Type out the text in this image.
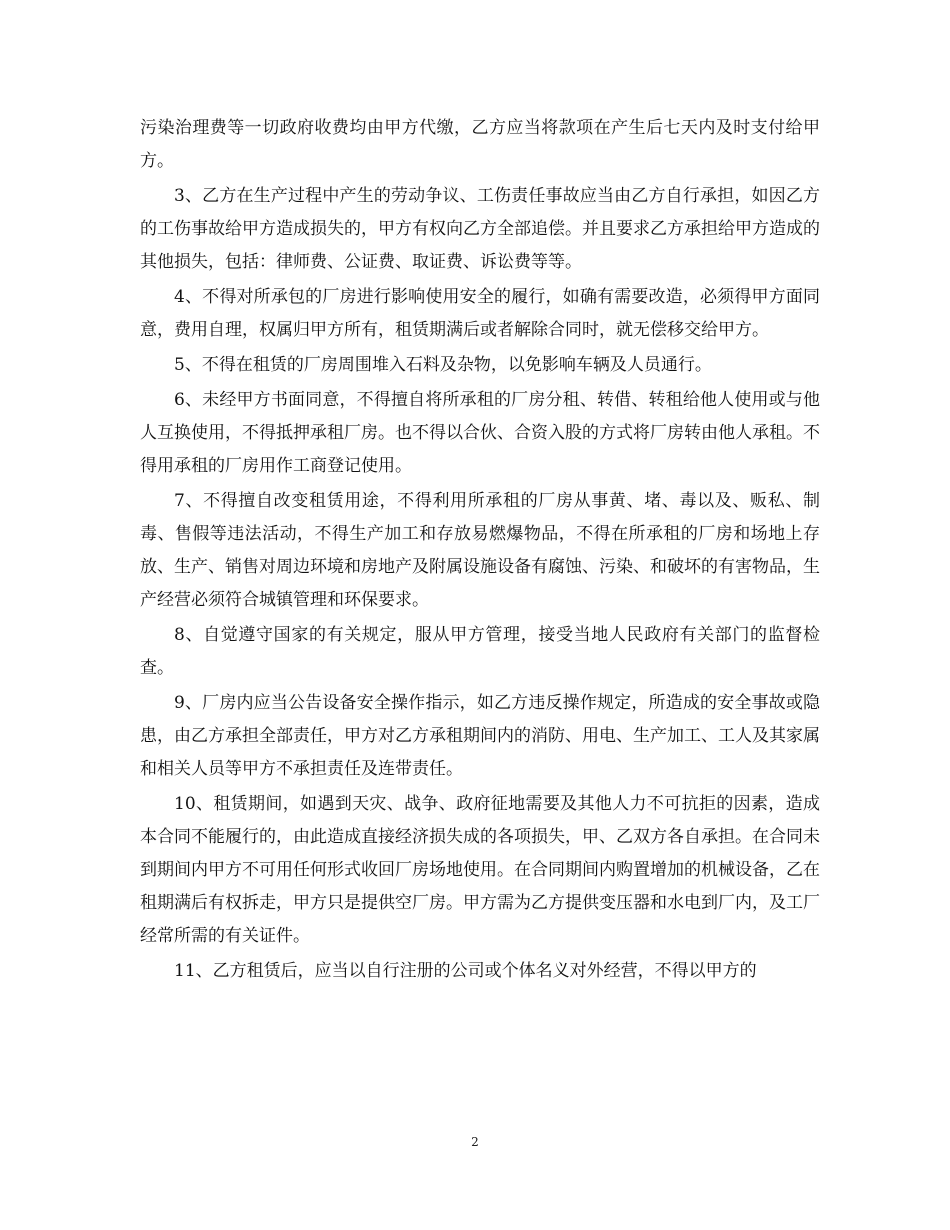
污染治理费等一切政府收费均由甲方代缴，乙方应当将款项在产生后七天内及时支付给甲方。

3、乙方在生产过程中产生的劳动争议、工伤责任事故应当由乙方自行承担，如因乙方的工伤事故给甲方造成损失的，甲方有权向乙方全部追偿。并且要求乙方承担给甲方造成的其他损失，包括：律师费、公证费、取证费、诉讼费等等。

4、不得对所承包的厂房进行影响使用安全的履行，如确有需要改造，必须得甲方面同意，费用自理，权属归甲方所有，租赁期满后或者解除合同时，就无偿移交给甲方。

5、不得在租赁的厂房周围堆入石料及杂物，以免影响车辆及人员通行。

6、未经甲方书面同意，不得擅自将所承租的厂房分租、转借、转租给他人使用或与他人互换使用，不得抵押承租厂房。也不得以合伙、合资入股的方式将厂房转由他人承租。不得用承租的厂房用作工商登记使用。

7、不得擅自改变租赁用途，不得利用所承租的厂房从事黄、堵、毒以及、贩私、制毒、售假等违法活动，不得生产加工和存放易燃爆物品，不得在所承租的厂房和场地上存放、生产、销售对周边环境和房地产及附属设施设备有腐蚀、污染、和破坏的有害物品，生产经营必须符合城镇管理和环保要求。

8、自觉遵守国家的有关规定，服从甲方管理，接受当地人民政府有关部门的监督检查。

9、厂房内应当公告设备安全操作指示，如乙方违反操作规定，所造成的安全事故或隐患，由乙方承担全部责任，甲方对乙方承租期间内的消防、用电、生产加工、工人及其家属和相关人员等甲方不承担责任及连带责任。

10、租赁期间，如遇到天灾、战争、政府征地需要及其他人力不可抗拒的因素，造成本合同不能履行的，由此造成直接经济损失成的各项损失，甲、乙双方各自承担。在合同未到期间内甲方不可用任何形式收回厂房场地使用。在合同期间内购置增加的机械设备，乙在租期满后有权拆走，甲方只是提供空厂房。甲方需为乙方提供变压器和水电到厂内，及工厂经常所需的有关证件。

11、乙方租赁后，应当以自行注册的公司或个体名义对外经营，不得以甲方的

2
